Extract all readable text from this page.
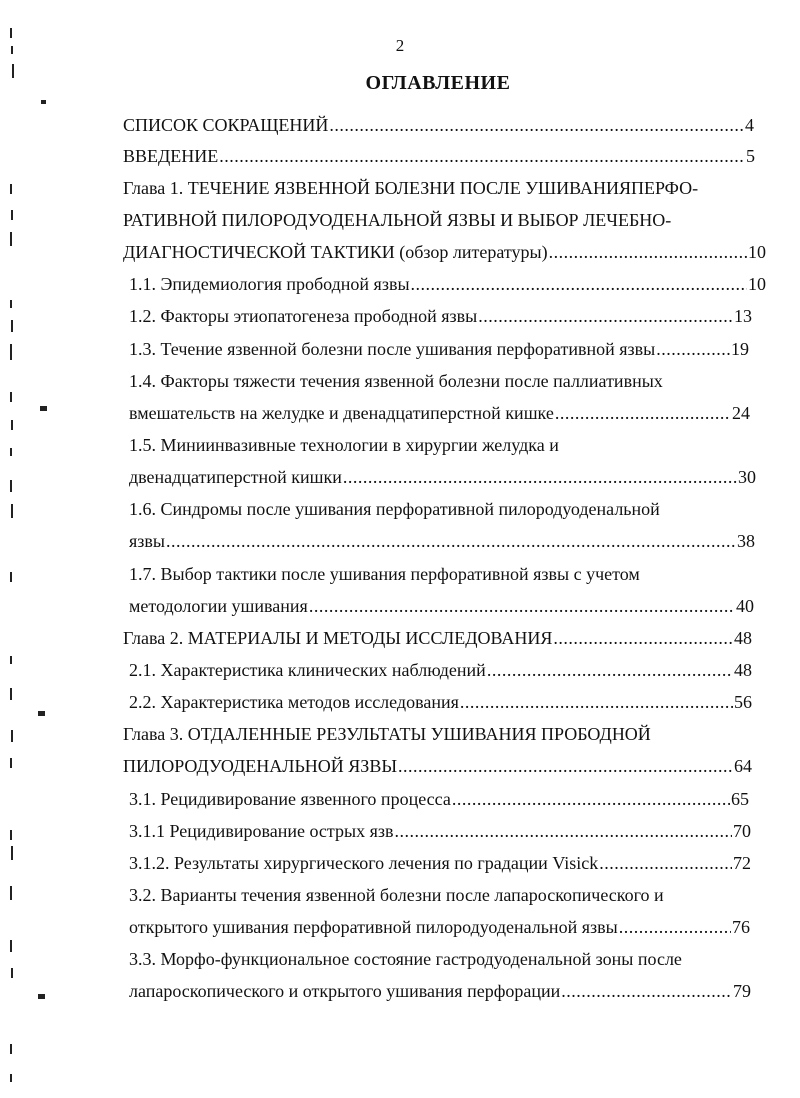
2
ОГЛАВЛЕНИЕ
СПИСОК СОКРАЩЕНИЙ .....	4
ВВЕДЕНИЕ .....	5
Глава 1. ТЕЧЕНИЕ ЯЗВЕННОЙ БОЛЕЗНИ ПОСЛЕ УШИВАНИЯПЕРФО-
РАТИВНОЙ ПИЛОРОДУОДЕНАЛЬНОЙ ЯЗВЫ И ВЫБОР ЛЕЧЕБНО-
ДИАГНОСТИЧЕСКОЙ ТАКТИКИ (обзор литературы) .....	10
1.1. Эпидемиология прободной язвы .....	10
1.2. Факторы этиопатогенеза прободной язвы .....	13
1.3. Течение язвенной болезни после ушивания перфоративной язвы .....	19
1.4. Факторы тяжести течения язвенной болезни после паллиативных
вмешательств на желудке и двенадцатиперстной кишке .....	24
1.5. Миниинвазивные технологии в хирургии желудка и
двенадцатиперстной кишки .....	30
1.6. Синдромы после ушивания перфоративной пилородуоденальной
язвы .....	38
1.7. Выбор тактики после ушивания перфоративной язвы с учетом
методологии ушивания .....	40
Глава 2. МАТЕРИАЛЫ И МЕТОДЫ ИССЛЕДОВАНИЯ .....	48
2.1. Характеристика клинических наблюдений .....	48
2.2. Характеристика методов исследования .....	56
Глава 3. ОТДАЛЕННЫЕ РЕЗУЛЬТАТЫ УШИВАНИЯ ПРОБОДНОЙ
ПИЛОРОДУОДЕНАЛЬНОЙ ЯЗВЫ .....	64
3.1. Рецидивирование язвенного процесса .....	65
3.1.1 Рецидивирование острых язв .....	70
3.1.2. Результаты хирургического лечения по градации Visick .....	72
3.2. Варианты течения язвенной болезни после лапароскопического и
открытого ушивания перфоративной пилородуоденальной язвы .....	76
3.3. Морфо-функциональное состояние гастродуоденальной зоны после
лапароскопического и открытого ушивания перфорации .....	79
